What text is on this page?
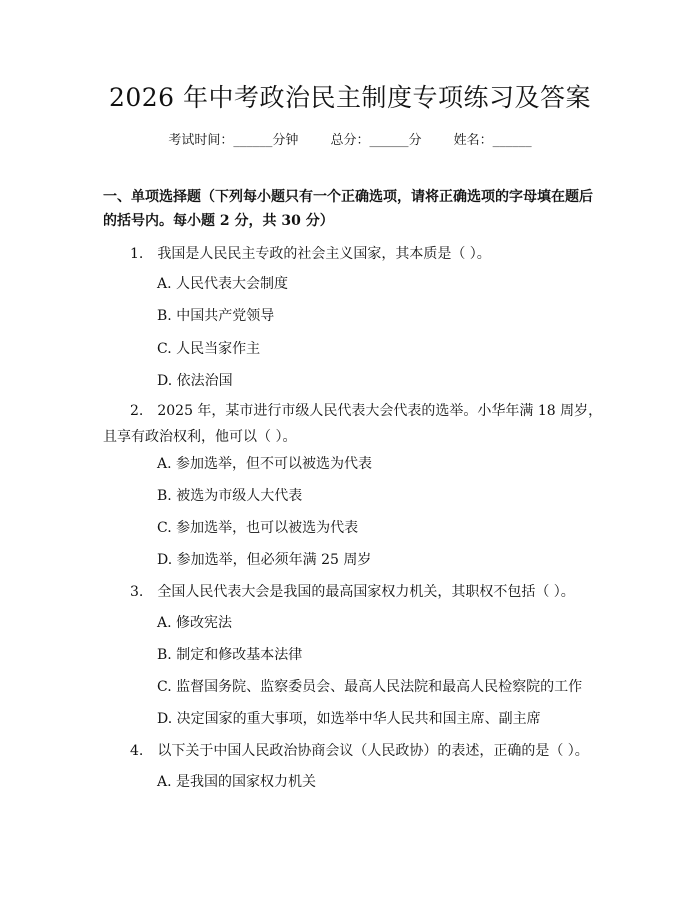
2026 年中考政治民主制度专项练习及答案
考试时间：______分钟 总分：______分 姓名：______
一、单项选择题（下列每小题只有一个正确选项，请将正确选项的字母填在题后的括号内。每小题 2 分，共 30 分）
1.　我国是人民民主专政的社会主义国家，其本质是（ ）。
A. 人民代表大会制度
B. 中国共产党领导
C. 人民当家作主
D. 依法治国
2.　2025 年，某市进行市级人民代表大会代表的选举。小华年满 18 周岁，且享有政治权利，他可以（ ）。
A. 参加选举，但不可以被选为代表
B. 被选为市级人大代表
C. 参加选举，也可以被选为代表
D. 参加选举，但必须年满 25 周岁
3.　全国人民代表大会是我国的最高国家权力机关，其职权不包括（ ）。
A. 修改宪法
B. 制定和修改基本法律
C. 监督国务院、监察委员会、最高人民法院和最高人民检察院的工作
D. 决定国家的重大事项，如选举中华人民共和国主席、副主席
4.　以下关于中国人民政治协商会议（人民政协）的表述，正确的是（ ）。
A. 是我国的国家权力机关
